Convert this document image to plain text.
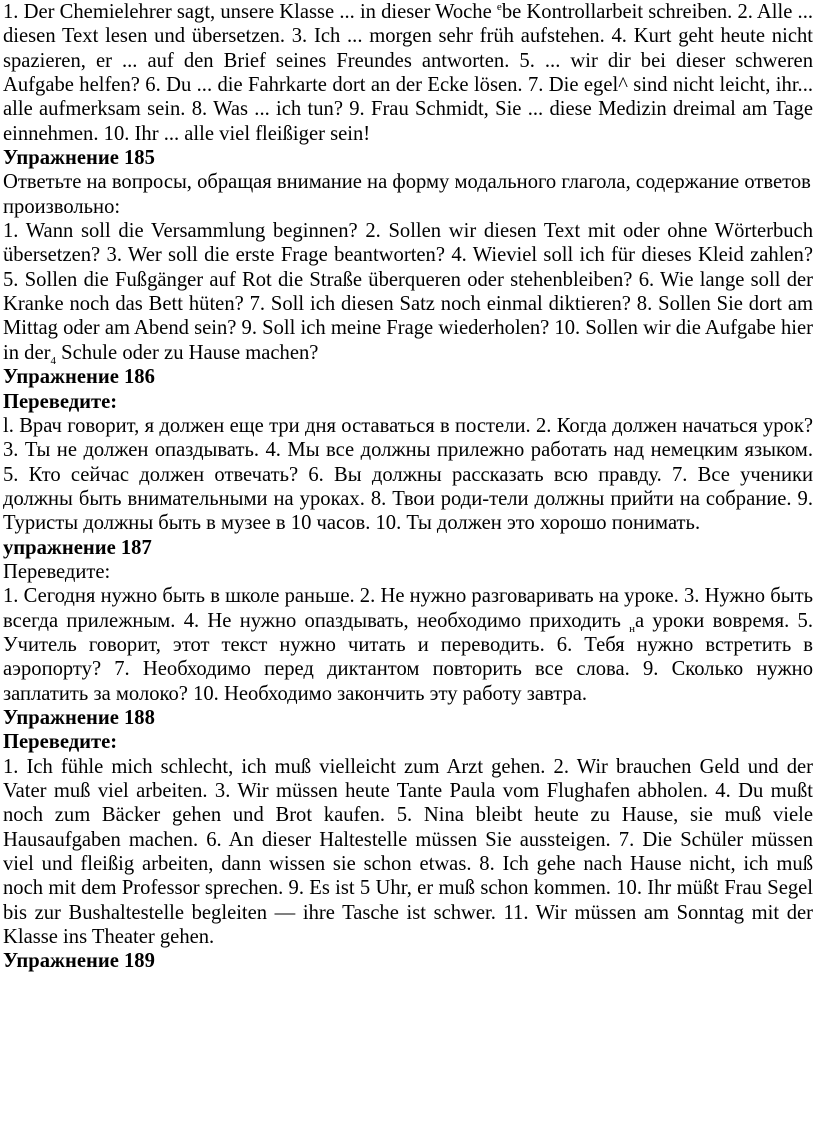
1. Der Chemielehrer sagt, unsere Klasse ... in dieser Woche $^e$be Kontrollarbeit schreiben. 2. Alle ... diesen Text lesen und übersetzen. 3. Ich ... morgen sehr früh aufstehen. 4. Kurt geht heute nicht spazieren, er ... auf den Brief seines Freundes antworten. 5. ... wir dir bei dieser schweren Aufgabe helfen? 6. Du ... die Fahrkarte dort an der Ecke lösen. 7. Die egel^ sind nicht leicht, ihr... alle aufmerksam sein. 8. Was ... ich tun? 9. Frau Schmidt, Sie ... diese Medizin dreimal am Tage einnehmen. 10. Ihr ... alle viel fleißiger sein!

Упражнение 185

Ответьте на вопросы, обращая внимание на форму модального глагола, содержание ответов произвольно:

1. Wann soll die Versammlung beginnen? 2. Sollen wir diesen Text mit oder ohne Wörterbuch übersetzen? 3. Wer soll die erste Frage beantworten? 4. Wieviel soll ich für dieses Kleid zahlen? 5. Sollen die Fußgänger auf Rot die Straße überqueren oder stehenbleiben? 6. Wie lange soll der Kranke noch das Bett hüten? 7. Soll ich diesen Satz noch einmal diktieren? 8. Sollen Sie dort am Mittag oder am Abend sein? 9. Soll ich meine Frage wiederholen? 10. Sollen wir die Aufgabe hier in der$_4$ Schule oder zu Hause machen?

Упражнение 186

Переведите:

l. Врач говорит, я должен еще три дня оставаться в постели. 2. Когда должен начаться урок? 3. Ты не должен опаздывать. 4. Мы все должны прилежно работать над немецким языком. 5. Кто сейчас должен отвечать? 6. Вы должны рассказать всю правду. 7. Все ученики должны быть внимательными на уроках. 8. Твои роди-тели должны прийти на собрание. 9. Туристы должны быть в музее в 10 часов. 10. Ты должен это хорошо понимать.

упражнение 187

Переведите:

1. Сегодня нужно быть в школе раньше. 2. Не нужно разговаривать на уроке. 3. Нужно быть всегда прилежным. 4. Не нужно опаздывать, необходимо приходить $_н$а уроки вовремя. 5. Учитель говорит, этот текст нужно читать и переводить. 6. Тебя нужно встретить в аэропорту? 7. Необходимо перед диктантом повторить все слова. 9. Сколько нужно заплатить за молоко? 10. Необходимо закончить эту работу завтра.

Упражнение 188

Переведите:

1. Ich fühle mich schlecht, ich muß vielleicht zum Arzt gehen. 2. Wir brauchen Geld und der Vater muß viel arbeiten. 3. Wir müssen heute Tante Paula vom Flughafen abholen. 4. Du mußt noch zum Bäcker gehen und Brot kaufen. 5. Nina bleibt heute zu Hause, sie muß viele Hausaufgaben machen. 6. An dieser Haltestelle müssen Sie aussteigen. 7. Die Schüler müssen viel und fleißig arbeiten, dann wissen sie schon etwas. 8. Ich gehe nach Hause nicht, ich muß noch mit dem Professor sprechen. 9. Es ist 5 Uhr, er muß schon kommen. 10. Ihr müßt Frau Segel bis zur Bushaltestelle begleiten — ihre Tasche ist schwer. 11. Wir müssen am Sonntag mit der Klasse ins Theater gehen.

Упражнение 189
